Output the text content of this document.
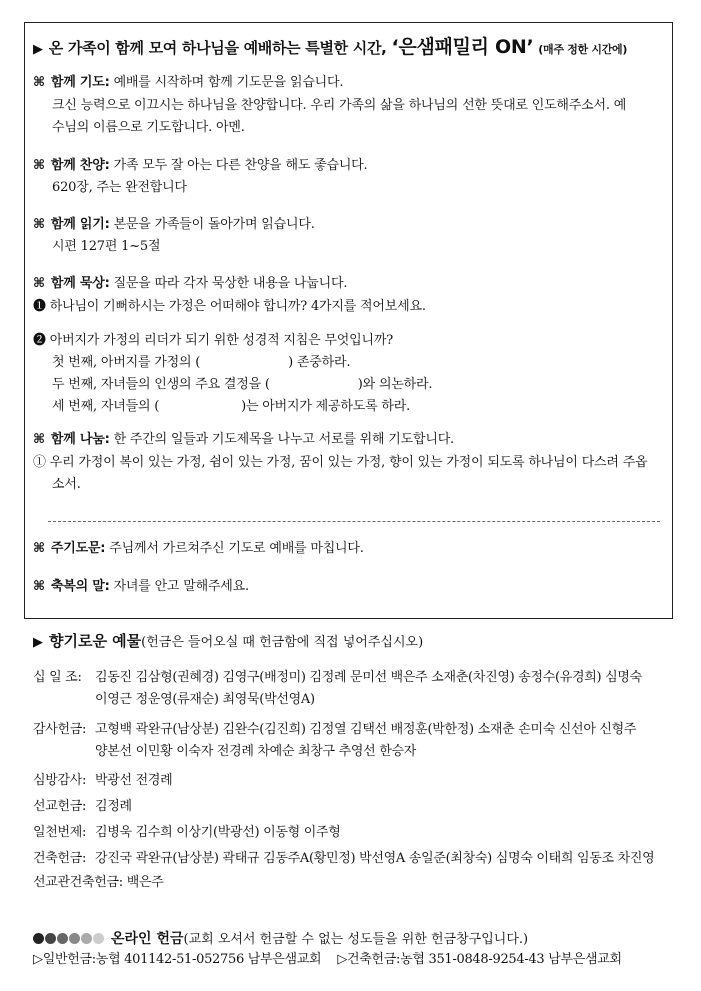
▶ 온 가족이 함께 모여 하나님을 예배하는 특별한 시간, ‘은샘패밀리 ON’ (매주 정한 시간에)
⌘ 함께 기도: 예배를 시작하며 함께 기도문을 읽습니다.
크신 능력으로 이끄시는 하나님을 찬양합니다. 우리 가족의 삶을 하나님의 선한 뜻대로 인도해주소서. 예
수님의 이름으로 기도합니다. 아멘.
⌘ 함께 찬양: 가족 모두 잘 아는 다른 찬양을 해도 좋습니다.
620장, 주는 완전합니다
⌘ 함께 읽기: 본문을 가족들이 돌아가며 읽습니다.
시편 127편 1~5절
⌘ 함께 묵상: 질문을 따라 각자 묵상한 내용을 나눕니다.
❶ 하나님이 기뻐하시는 가정은 어떠해야 합니까? 4가지를 적어보세요.
❷ 아버지가 가정의 리더가 되기 위한 성경적 지침은 무엇입니까?
첫 번째, 아버지를 가정의 (	) 존중하라.
두 번째, 자녀들의 인생의 주요 결정을 (	)와 의논하라.
세 번째, 자녀들의 (	)는 아버지가 제공하도록 하라.
⌘ 함께 나눔: 한 주간의 일들과 기도제목을 나누고 서로를 위해 기도합니다.
① 우리 가정이 복이 있는 가정, 쉼이 있는 가정, 꿈이 있는 가정, 향이 있는 가정이 되도록 하나님이 다스려 주옵
소서.
⌘ 주기도문: 주님께서 가르쳐주신 기도로 예배를 마칩니다.
⌘ 축복의 말: 자녀를 안고 말해주세요.
▶ 향기로운 예물(헌금은 들어오실 때 헌금함에 직접 넣어주십시오)
십 일 조: 김동진 김삼형(권혜경) 김영구(배정미) 김정례 문미선 백은주 소재춘(차진영) 송정수(유경희) 심명숙
이영근 정운영(류재순) 최영묵(박선영A)
감사헌금: 고형백 곽완규(남상분) 김완수(김진희) 김정열 김택선 배정훈(박한정) 소재춘 손미숙 신선아 신형주
양본선 이민황 이숙자 전경례 차예순 최창구 추영선 한승자
심방감사: 박광선 전경례
선교헌금: 김정례
일천번제: 김병욱 김수희 이상기(박광선) 이동형 이주형
건축헌금: 강진국 곽완규(남상분) 곽태규 김동주A(황민정) 박선영A 송일준(최창숙) 심명숙 이태희 임동조 차진영
선교관건축헌금: 백은주
온라인 헌금(교회 오셔서 헌금할 수 없는 성도들을 위한 헌금창구입니다.)
▷일반헌금:농협 401142-51-052756 남부은샘교회 ▷건축헌금:농협 351-0848-9254-43 남부은샘교회
